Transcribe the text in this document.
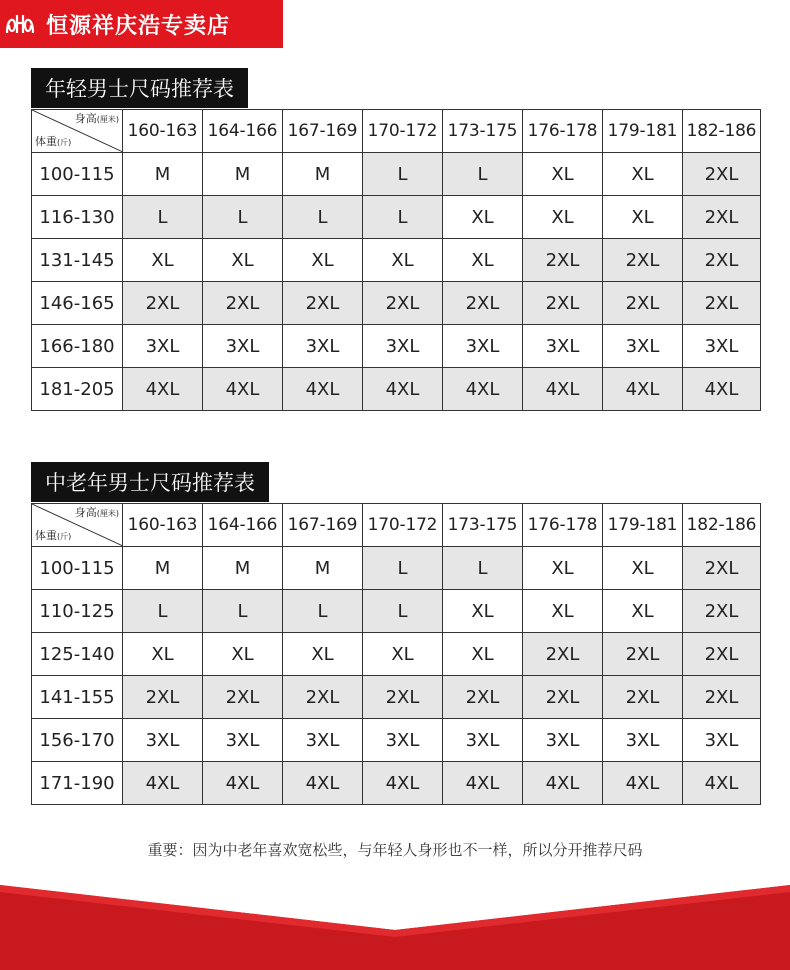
恒源祥庆浩专卖店
年轻男士尺码推荐表
身高(厘米)
体重(斤)	160-163	164-166	167-169	170-172	173-175	176-178	179-181	182-186
100-115	M	M	M	L	L	XL	XL	2XL
116-130	L	L	L	L	XL	XL	XL	2XL
131-145	XL	XL	XL	XL	XL	2XL	2XL	2XL
146-165	2XL	2XL	2XL	2XL	2XL	2XL	2XL	2XL
166-180	3XL	3XL	3XL	3XL	3XL	3XL	3XL	3XL
181-205	4XL	4XL	4XL	4XL	4XL	4XL	4XL	4XL
中老年男士尺码推荐表
身高(厘米)
体重(斤)	160-163	164-166	167-169	170-172	173-175	176-178	179-181	182-186
100-115	M	M	M	L	L	XL	XL	2XL
110-125	L	L	L	L	XL	XL	XL	2XL
125-140	XL	XL	XL	XL	XL	2XL	2XL	2XL
141-155	2XL	2XL	2XL	2XL	2XL	2XL	2XL	2XL
156-170	3XL	3XL	3XL	3XL	3XL	3XL	3XL	3XL
171-190	4XL	4XL	4XL	4XL	4XL	4XL	4XL	4XL
重要：因为中老年喜欢宽松些，与年轻人身形也不一样，所以分开推荐尺码
